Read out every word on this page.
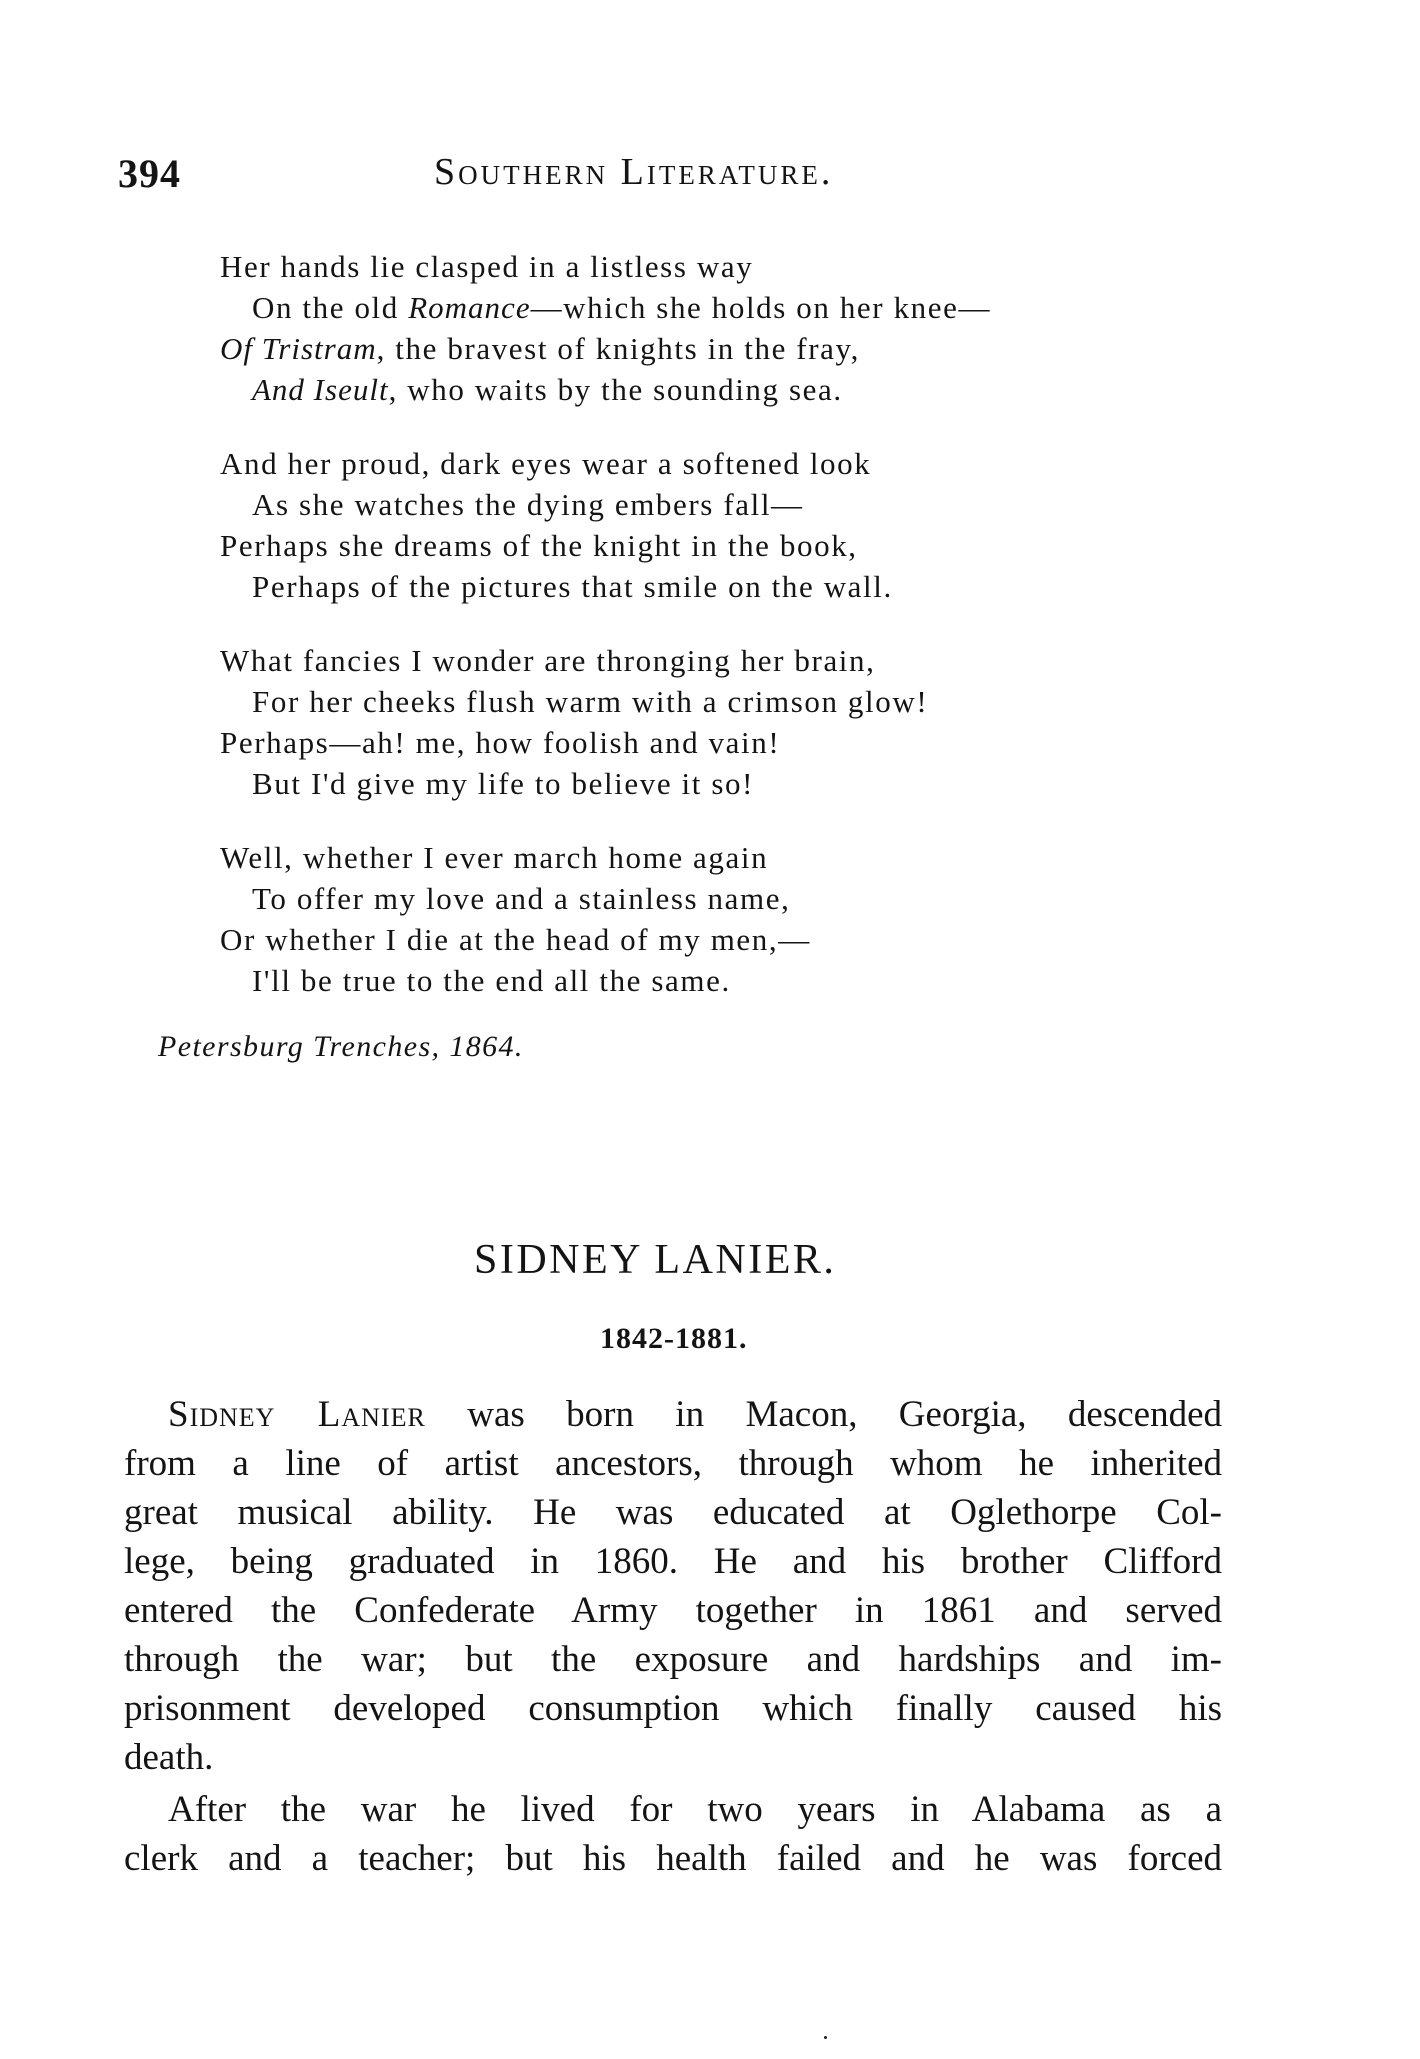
394	Southern Literature.
Her hands lie clasped in a listless way
On the old Romance—which she holds on her knee—
Of Tristram, the bravest of knights in the fray,
And Iseult, who waits by the sounding sea.
And her proud, dark eyes wear a softened look
As she watches the dying embers fall—
Perhaps she dreams of the knight in the book,
Perhaps of the pictures that smile on the wall.
What fancies I wonder are thronging her brain,
For her cheeks flush warm with a crimson glow!
Perhaps—ah! me, how foolish and vain!
But I'd give my life to believe it so!
Well, whether I ever march home again
To offer my love and a stainless name,
Or whether I die at the head of my men,—
I'll be true to the end all the same.
Petersburg Trenches, 1864.
SIDNEY LANIER.
1842-1881.
Sidney Lanier was born in Macon, Georgia, descended
from a line of artist ancestors, through whom he inherited
great musical ability. He was educated at Oglethorpe Col-
lege, being graduated in 1860. He and his brother Clifford
entered the Confederate Army together in 1861 and served
through the war; but the exposure and hardships and im-
prisonment developed consumption which finally caused his
death.
After the war he lived for two years in Alabama as a
clerk and a teacher; but his health failed and he was forced
